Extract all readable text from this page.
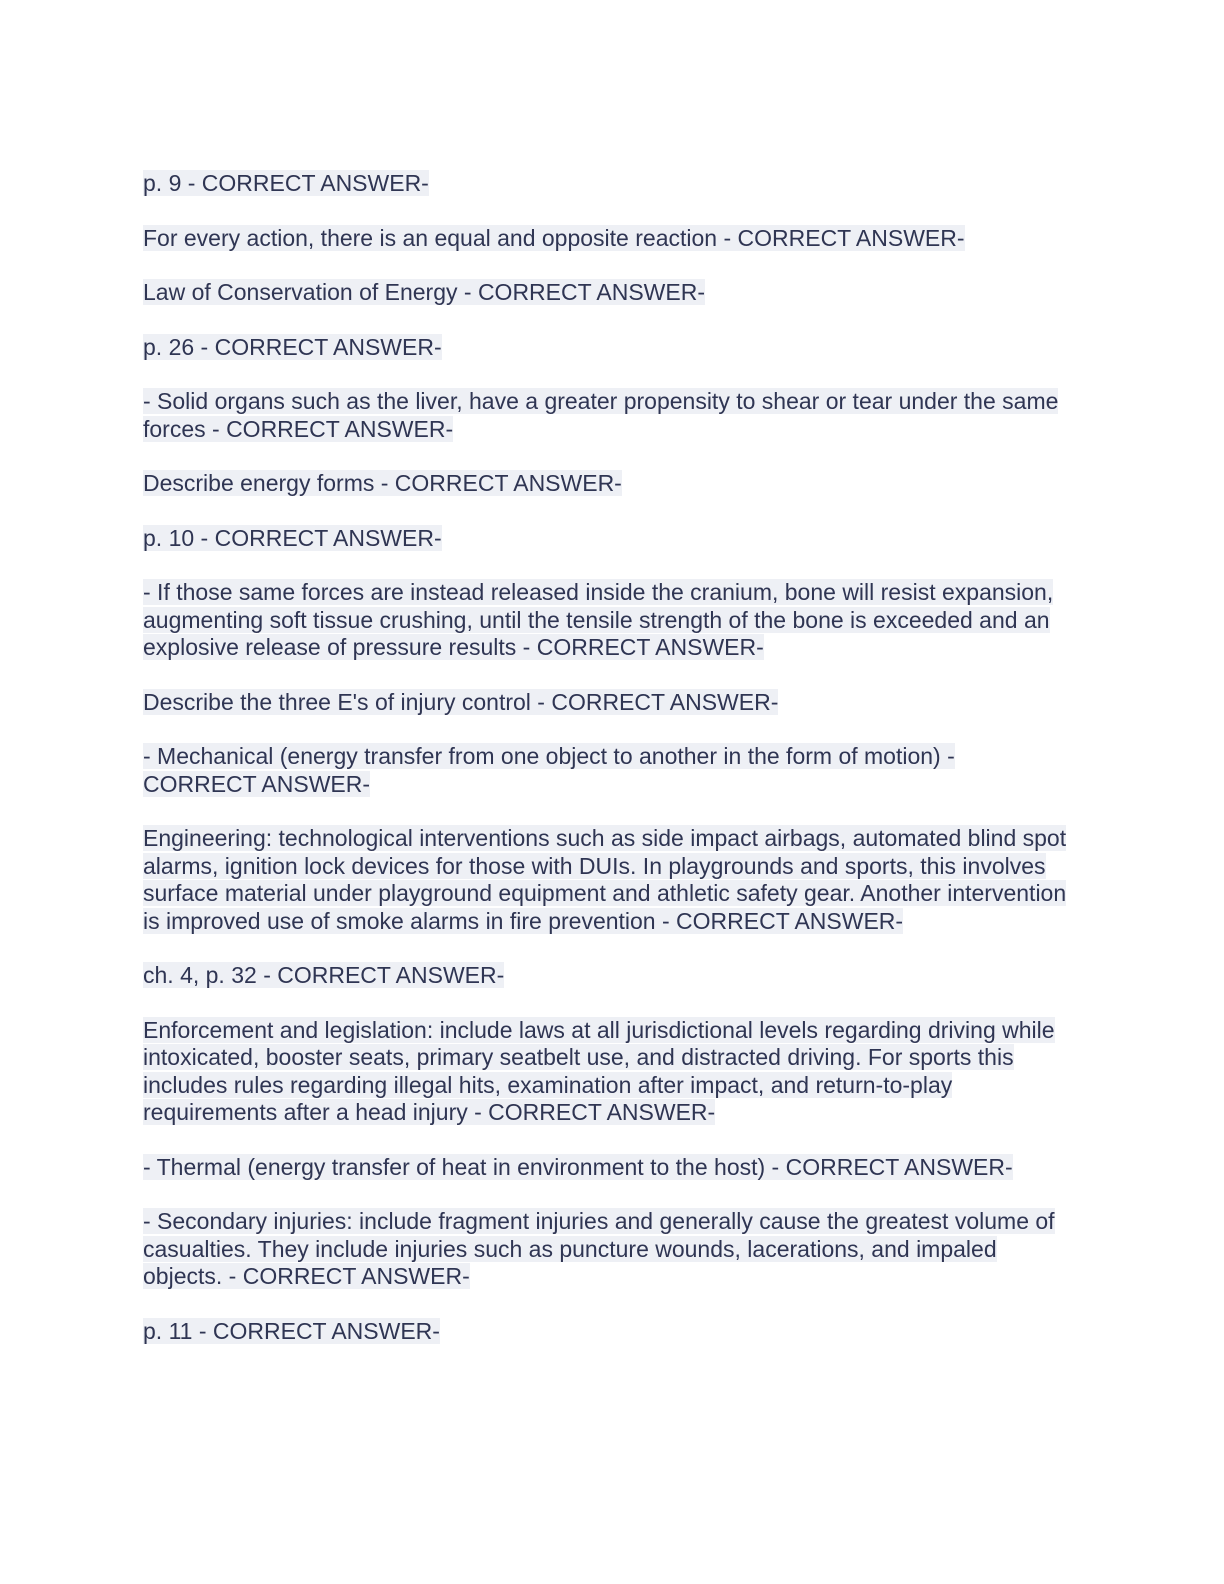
p. 9 - CORRECT ANSWER-

For every action, there is an equal and opposite reaction - CORRECT ANSWER-

Law of Conservation of Energy - CORRECT ANSWER-

p. 26 - CORRECT ANSWER-

- Solid organs such as the liver, have a greater propensity to shear or tear under the same forces - CORRECT ANSWER-

Describe energy forms - CORRECT ANSWER-

p. 10 - CORRECT ANSWER-

- If those same forces are instead released inside the cranium, bone will resist expansion, augmenting soft tissue crushing, until the tensile strength of the bone is exceeded and an explosive release of pressure results - CORRECT ANSWER-

Describe the three E's of injury control - CORRECT ANSWER-

- Mechanical (energy transfer from one object to another in the form of motion) - CORRECT ANSWER-

Engineering: technological interventions such as side impact airbags, automated blind spot alarms, ignition lock devices for those with DUIs. In playgrounds and sports, this involves surface material under playground equipment and athletic safety gear. Another intervention is improved use of smoke alarms in fire prevention - CORRECT ANSWER-

ch. 4, p. 32 - CORRECT ANSWER-

Enforcement and legislation: include laws at all jurisdictional levels regarding driving while intoxicated, booster seats, primary seatbelt use, and distracted driving. For sports this includes rules regarding illegal hits, examination after impact, and return-to-play requirements after a head injury - CORRECT ANSWER-

- Thermal (energy transfer of heat in environment to the host) - CORRECT ANSWER-

- Secondary injuries: include fragment injuries and generally cause the greatest volume of casualties. They include injuries such as puncture wounds, lacerations, and impaled objects. - CORRECT ANSWER-

p. 11 - CORRECT ANSWER-
